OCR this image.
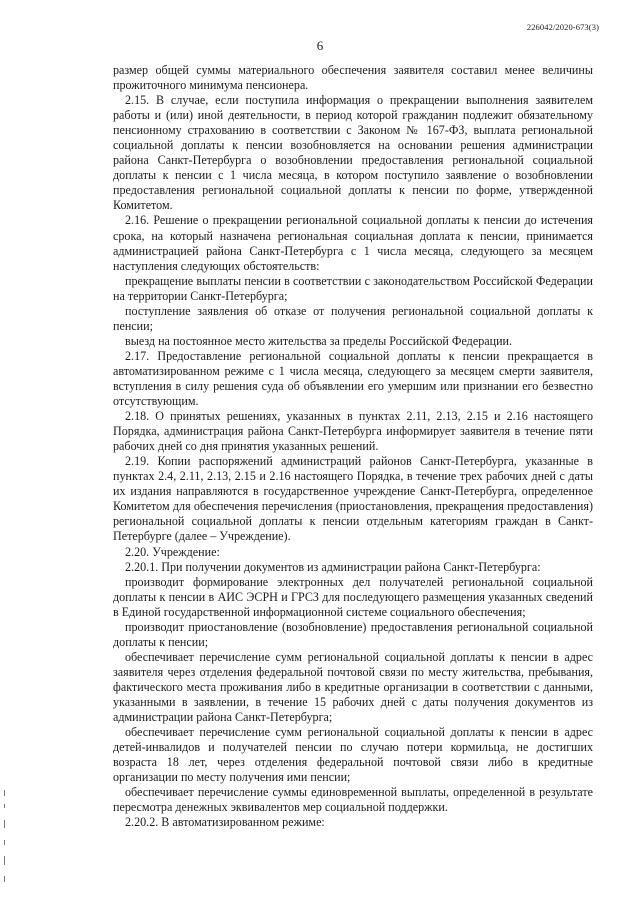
226042/2020-673(3)
6

размер общей суммы материального обеспечения заявителя составил менее величины прожиточного минимума пенсионера.

2.15. В случае, если поступила информация о прекращении выполнения заявителем работы и (или) иной деятельности, в период которой гражданин подлежит обязательному пенсионному страхованию в соответствии с Законом № 167-ФЗ, выплата региональной социальной доплаты к пенсии возобновляется на основании решения администрации района Санкт-Петербурга о возобновлении предоставления региональной социальной доплаты к пенсии с 1 числа месяца, в котором поступило заявление о возобновлении предоставления региональной социальной доплаты к пенсии по форме, утвержденной Комитетом.

2.16. Решение о прекращении региональной социальной доплаты к пенсии до истечения срока, на который назначена региональная социальная доплата к пенсии, принимается администрацией района Санкт-Петербурга с 1 числа месяца, следующего за месяцем наступления следующих обстоятельств:

прекращение выплаты пенсии в соответствии с законодательством Российской Федерации на территории Санкт-Петербурга;

поступление заявления об отказе от получения региональной социальной доплаты к пенсии;

выезд на постоянное место жительства за пределы Российской Федерации.

2.17. Предоставление региональной социальной доплаты к пенсии прекращается в автоматизированном режиме с 1 числа месяца, следующего за месяцем смерти заявителя, вступления в силу решения суда об объявлении его умершим или признании его безвестно отсутствующим.

2.18. О принятых решениях, указанных в пунктах 2.11, 2.13, 2.15 и 2.16 настоящего Порядка, администрация района Санкт-Петербурга информирует заявителя в течение пяти рабочих дней со дня принятия указанных решений.

2.19. Копии распоряжений администраций районов Санкт-Петербурга, указанные в пунктах 2.4, 2.11, 2.13, 2.15 и 2.16 настоящего Порядка, в течение трех рабочих дней с даты их издания направляются в государственное учреждение Санкт-Петербурга, определенное Комитетом для обеспечения перечисления (приостановления, прекращения предоставления) региональной социальной доплаты к пенсии отдельным категориям граждан в Санкт-Петербурге (далее – Учреждение).

2.20. Учреждение:

2.20.1. При получении документов из администрации района Санкт-Петербурга:

производит формирование электронных дел получателей региональной социальной доплаты к пенсии в АИС ЭСРН и ГРСЗ для последующего размещения указанных сведений в Единой государственной информационной системе социального обеспечения;

производит приостановление (возобновление) предоставления региональной социальной доплаты к пенсии;

обеспечивает перечисление сумм региональной социальной доплаты к пенсии в адрес заявителя через отделения федеральной почтовой связи по месту жительства, пребывания, фактического места проживания либо в кредитные организации в соответствии с данными, указанными в заявлении, в течение 15 рабочих дней с даты получения документов из администрации района Санкт-Петербурга;

обеспечивает перечисление сумм региональной социальной доплаты к пенсии в адрес детей-инвалидов и получателей пенсии по случаю потери кормильца, не достигших возраста 18 лет, через отделения федеральной почтовой связи либо в кредитные организации по месту получения ими пенсии;

обеспечивает перечисление суммы единовременной выплаты, определенной в результате пересмотра денежных эквивалентов мер социальной поддержки.

2.20.2. В автоматизированном режиме:
